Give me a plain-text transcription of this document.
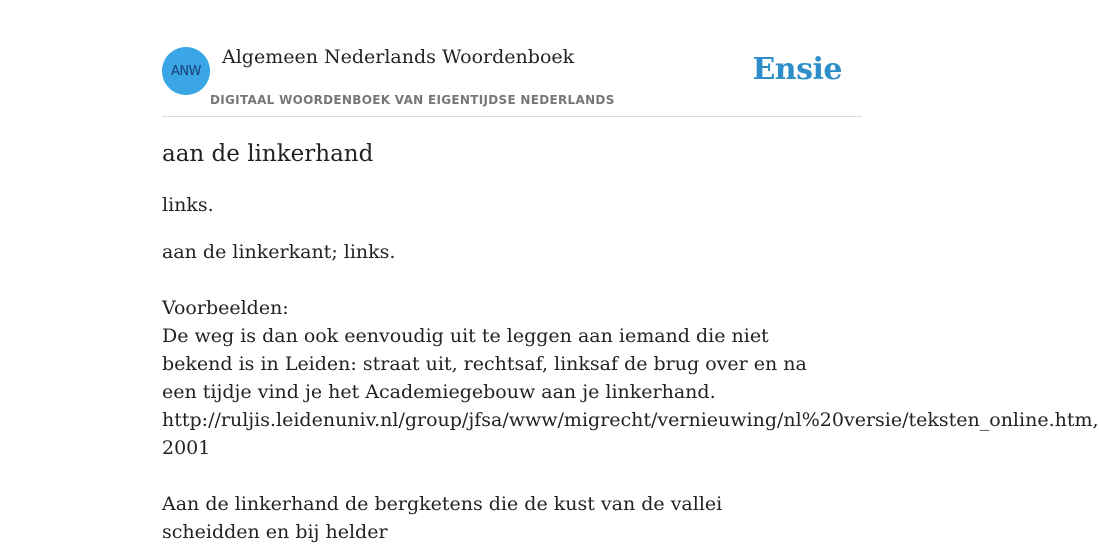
ANW
Algemeen Nederlands Woordenboek
DIGITAAL WOORDENBOEK VAN EIGENTIJDSE NEDERLANDS
Ensie
aan de linkerhand

links.

aan de linkerkant; links.

Voorbeelden:

De weg is dan ook eenvoudig uit te leggen aan iemand die niet bekend is in Leiden: straat uit, rechtsaf, linksaf de brug over en na een tijdje vind je het Academiegebouw aan je linkerhand.

http://ruljis.leidenuniv.nl/group/jfsa/www/migrecht/vernieuwing/nl%20versie/teksten_online.htm,

2001

Aan de linkerhand de bergketens die de kust van de vallei scheidden en bij helder
